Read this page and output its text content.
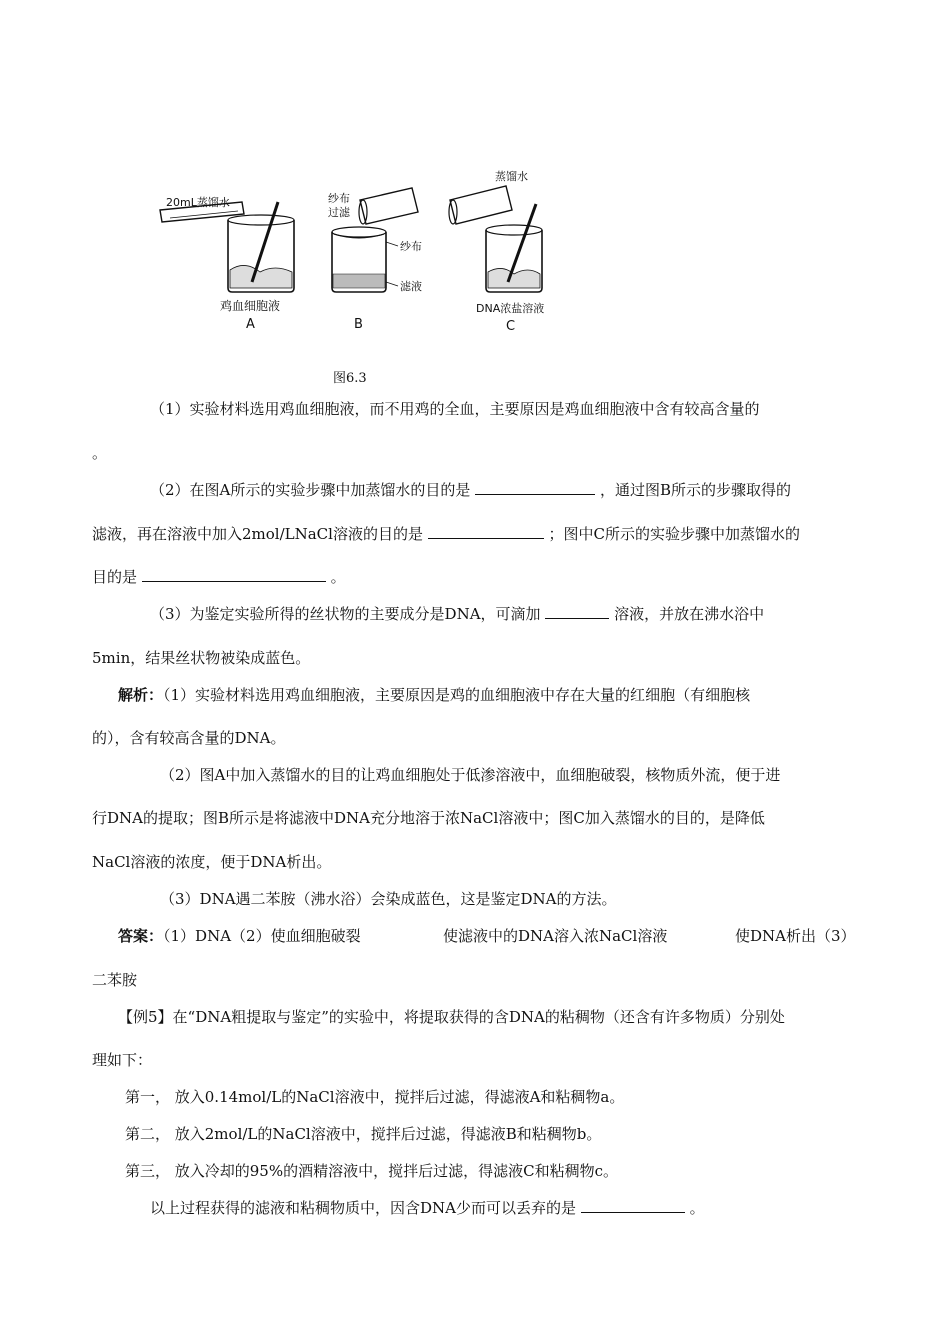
20mL蒸馏水
鸡血细胞液
A
纱布
过滤
纱布
滤液
B
蒸馏水
DNA浓盐溶液
C
图6.3
（1）实验材料选用鸡血细胞液，而不用鸡的全血，主要原因是鸡血细胞液中含有较高含量的
。
（2）在图A所示的实验步骤中加蒸馏水的目的是	，通过图B所示的步骤取得的
滤液，再在溶液中加入2mol/LNaCl溶液的目的是	；图中C所示的实验步骤中加蒸馏水的
目的是	。
（3）为鉴定实验所得的丝状物的主要成分是DNA，可滴加	溶液，并放在沸水浴中
5min，结果丝状物被染成蓝色。
解析：（1）实验材料选用鸡血细胞液，主要原因是鸡的血细胞液中存在大量的红细胞（有细胞核
的），含有较高含量的DNA。
（2）图A中加入蒸馏水的目的让鸡血细胞处于低渗溶液中，血细胞破裂，核物质外流，便于进
行DNA的提取；图B所示是将滤液中DNA充分地溶于浓NaCl溶液中；图C加入蒸馏水的目的，是降低
NaCl溶液的浓度，便于DNA析出。
（3）DNA遇二苯胺（沸水浴）会染成蓝色，这是鉴定DNA的方法。
答案：（1）DNA（2）使血细胞破裂	使滤液中的DNA溶入浓NaCl溶液	使DNA析出（3）
二苯胺
【例5】在“DNA粗提取与鉴定”的实验中，将提取获得的含DNA的粘稠物（还含有许多物质）分别处
理如下：
第一， 放入0.14mol/L的NaCl溶液中，搅拌后过滤，得滤液A和粘稠物a。
第二， 放入2mol/L的NaCl溶液中，搅拌后过滤，得滤液B和粘稠物b。
第三， 放入冷却的95%的酒精溶液中，搅拌后过滤，得滤液C和粘稠物c。
以上过程获得的滤液和粘稠物质中，因含DNA少而可以丢弃的是	。
